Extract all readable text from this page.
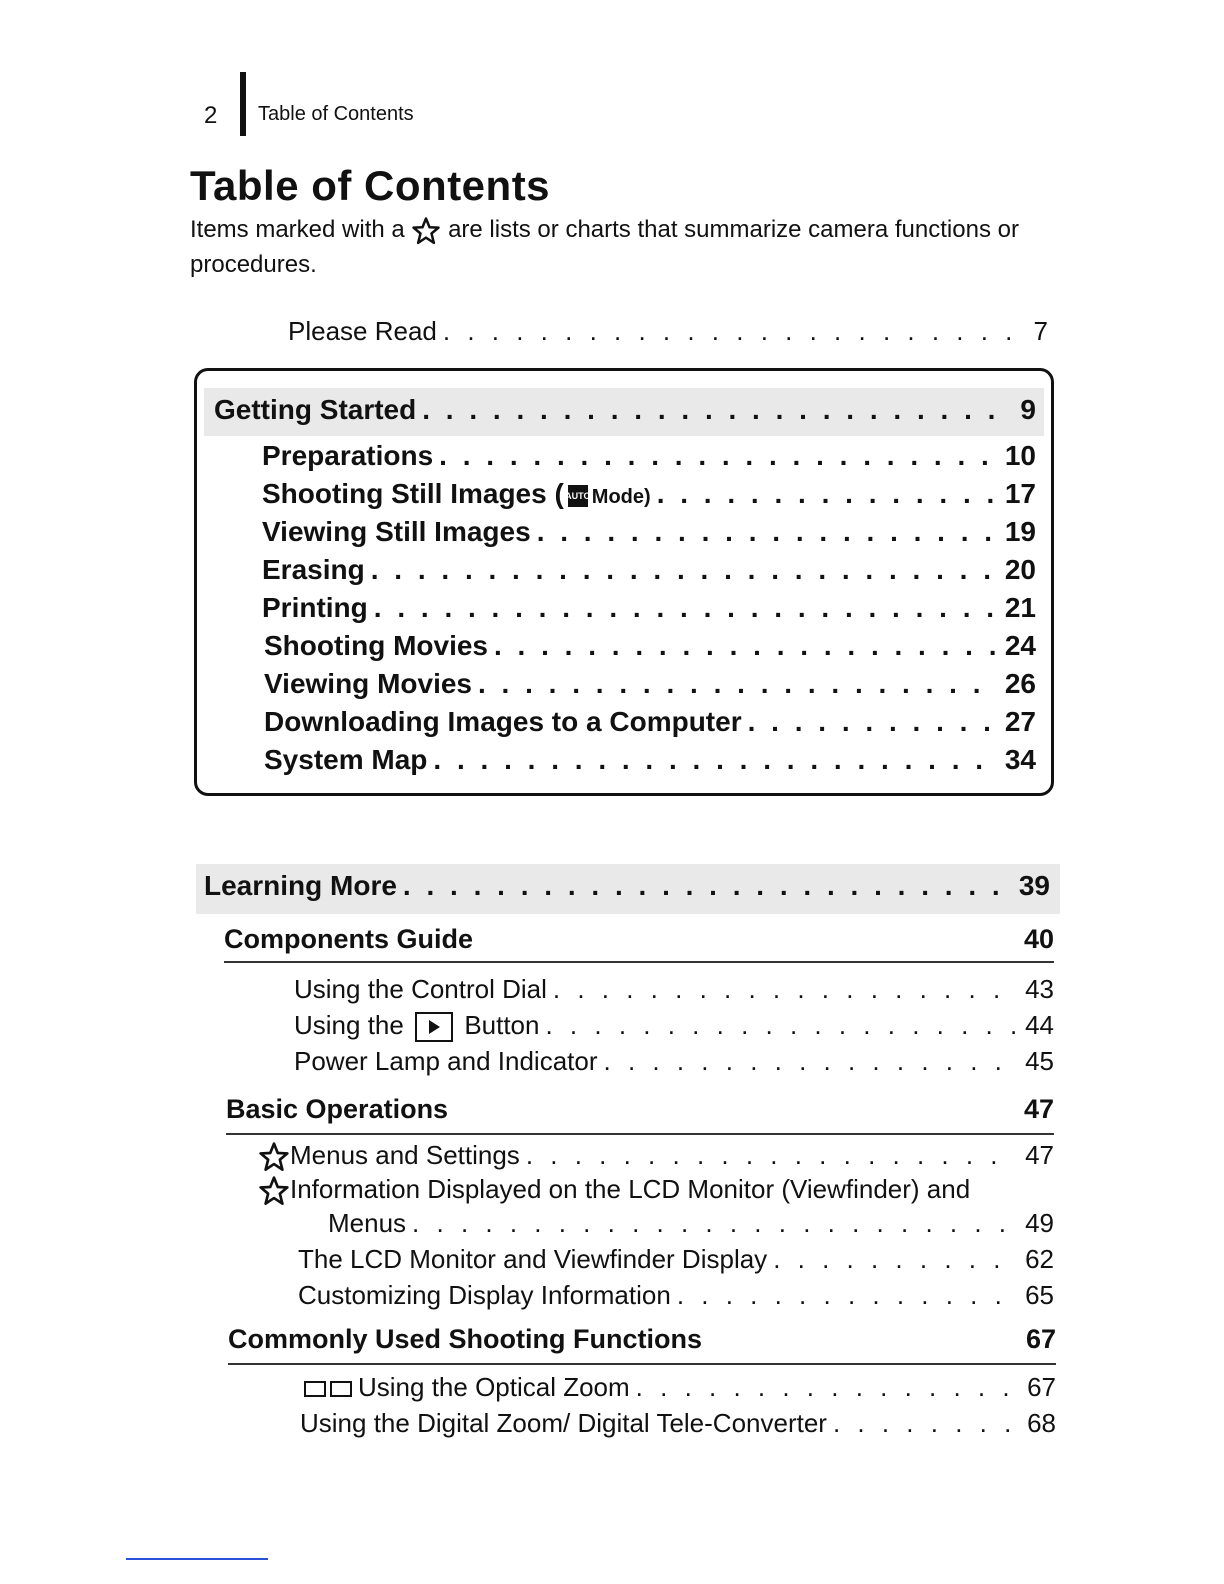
2 Table of Contents
Table of Contents
Items marked with a are lists or charts that summarize camera functions or procedures.
Please Read . . .	7
Getting Started . . .	9
Preparations . . .	10
Shooting Still Images (AUTOMode) . . .	17
Viewing Still Images . . .	19
Erasing . . .	20
Printing . . .	21
Shooting Movies . . .	24
Viewing Movies . . .	26
Downloading Images to a Computer . . .	27
System Map . . .	34
Learning More . . .	39
Components Guide	40
Using the Control Dial . . .	43
Using the Button . . .	44
Power Lamp and Indicator . . .	45
Basic Operations	47
Menus and Settings . . .	47
Information Displayed on the LCD Monitor (Viewfinder) and
Menus . . .	49
The LCD Monitor and Viewfinder Display . . .	62
Customizing Display Information . . .	65
Commonly Used Shooting Functions	67
Using the Optical Zoom . . .	67
Using the Digital Zoom/ Digital Tele-Converter . . .	68
